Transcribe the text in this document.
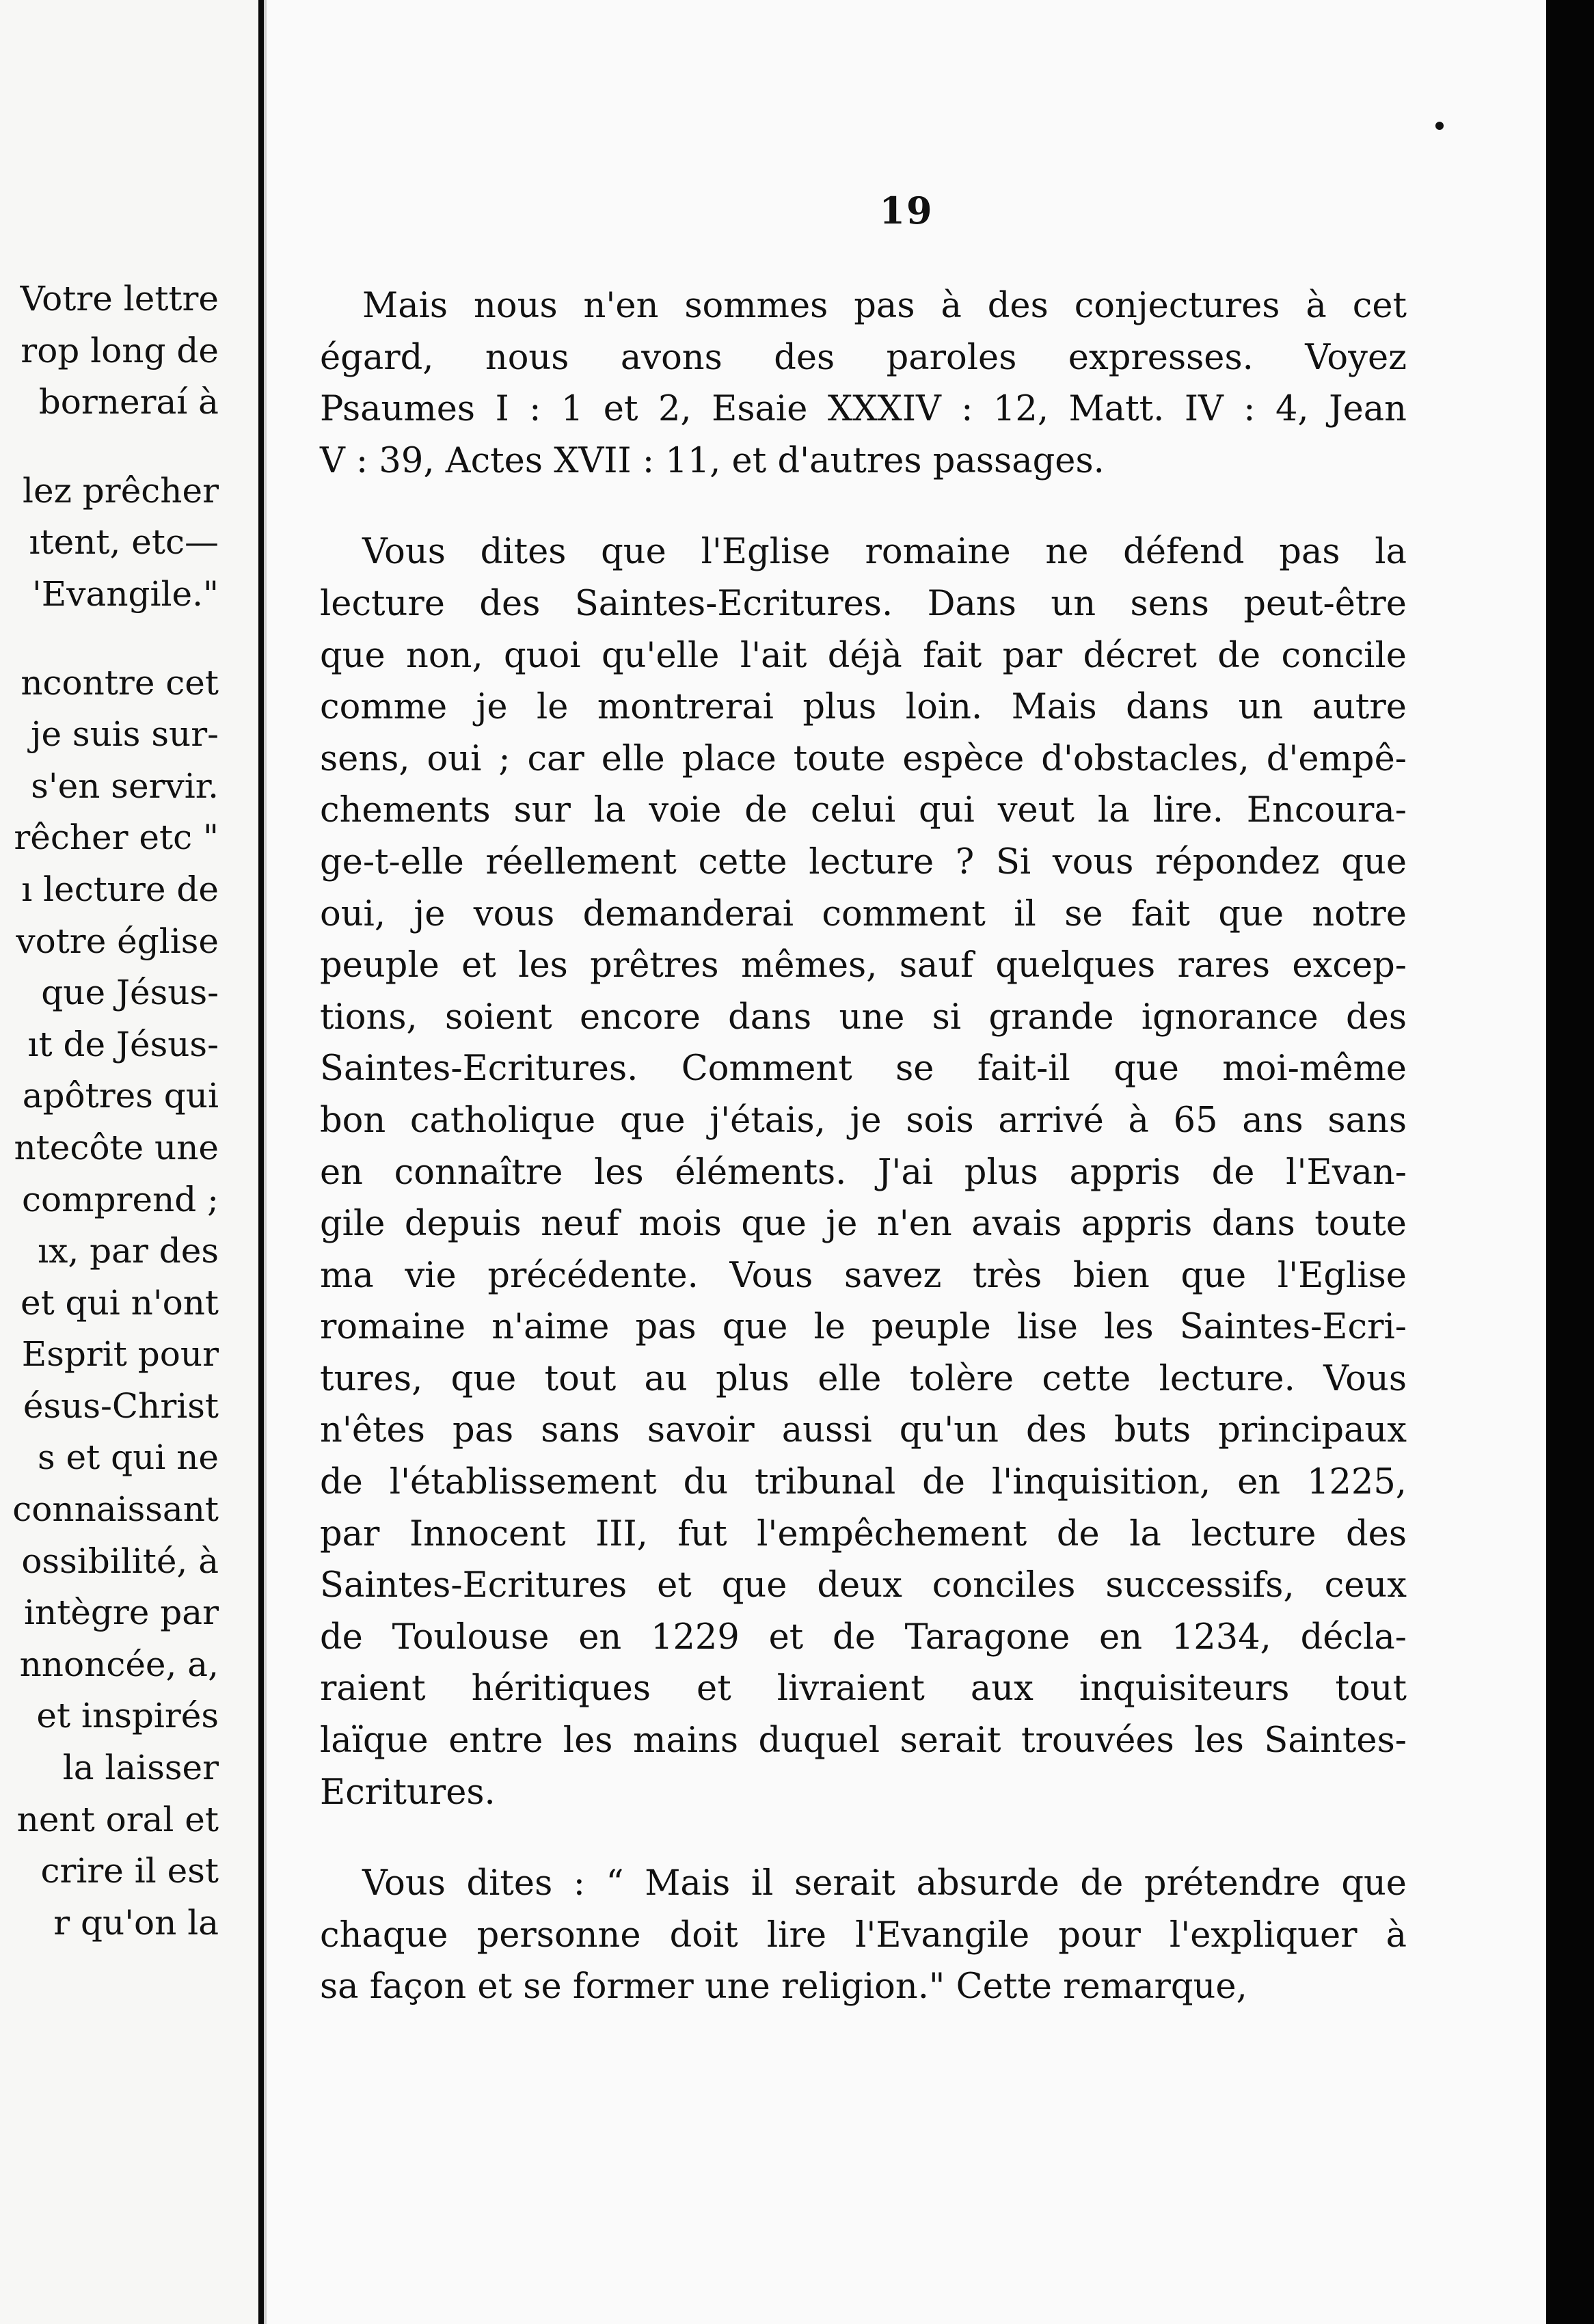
Votre lettre
rop long de
borneraí à
lez prêcher
ıtent, etc—
'Evangile."
ncontre cet
je suis sur-
s'en servir.
rêcher etc "
ı lecture de
votre église
que Jésus-
ıt de Jésus-
apôtres qui
ntecôte une
comprend ;
ıx, par des
et qui n'ont
Esprit pour
ésus-Christ
s et qui ne
connaissant
ossibilité, à
intègre par
nnoncée, a,
et inspirés
la laisser
nent oral et
crire il est
r qu'on la
19
Mais nous n'en sommes pas à des conjectures à cet
égard, nous avons des paroles expresses. Voyez
Psaumes I : 1 et 2, Esaie XXXIV : 12, Matt. IV : 4, Jean
V : 39, Actes XVII : 11, et d'autres passages.
Vous dites que l'Eglise romaine ne défend pas la
lecture des Saintes-Ecritures. Dans un sens peut-être
que non, quoi qu'elle l'ait déjà fait par décret de concile
comme je le montrerai plus loin. Mais dans un autre
sens, oui ; car elle place toute espèce d'obstacles, d'empê-
chements sur la voie de celui qui veut la lire. Encoura-
ge-t-elle réellement cette lecture ? Si vous répondez que
oui, je vous demanderai comment il se fait que notre
peuple et les prêtres mêmes, sauf quelques rares excep-
tions, soient encore dans une si grande ignorance des
Saintes-Ecritures. Comment se fait-il que moi-même
bon catholique que j'étais, je sois arrivé à 65 ans sans
en connaître les éléments. J'ai plus appris de l'Evan-
gile depuis neuf mois que je n'en avais appris dans toute
ma vie précédente. Vous savez très bien que l'Eglise
romaine n'aime pas que le peuple lise les Saintes-Ecri-
tures, que tout au plus elle tolère cette lecture. Vous
n'êtes pas sans savoir aussi qu'un des buts principaux
de l'établissement du tribunal de l'inquisition, en 1225,
par Innocent III, fut l'empêchement de la lecture des
Saintes-Ecritures et que deux conciles successifs, ceux
de Toulouse en 1229 et de Taragone en 1234, décla-
raient héritiques et livraient aux inquisiteurs tout
laïque entre les mains duquel serait trouvées les Saintes-
Ecritures.
Vous dites : “ Mais il serait absurde de prétendre que
chaque personne doit lire l'Evangile pour l'expliquer à
sa façon et se former une religion." Cette remarque,
